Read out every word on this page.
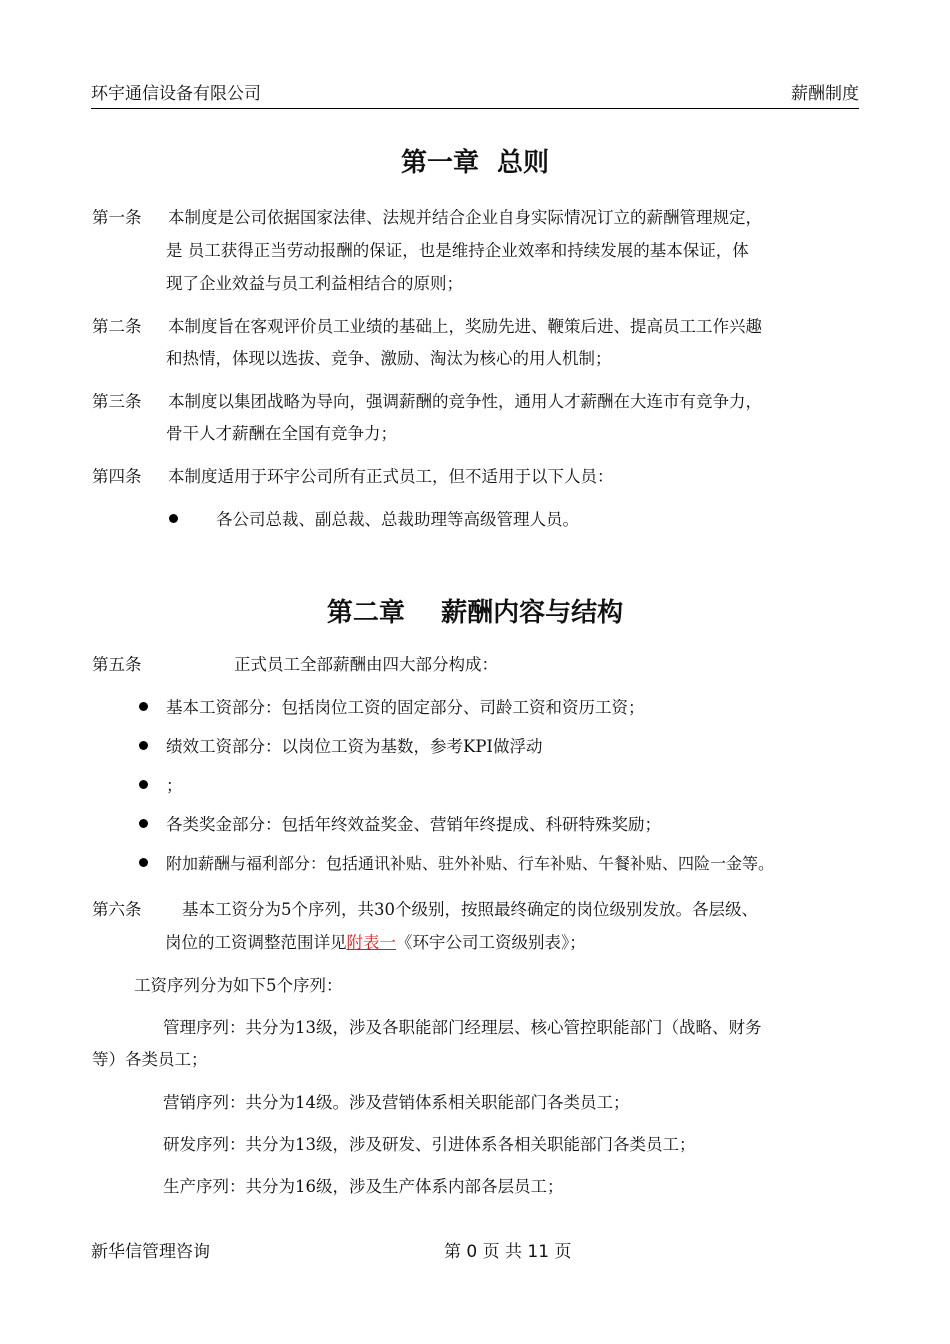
环宇通信设备有限公司	薪酬制度
第一章  总则
第一条 本制度是公司依据国家法律、法规并结合企业自身实际情况订立的薪酬管理规定，
是 员工获得正当劳动报酬的保证，也是维持企业效率和持续发展的基本保证，体
现了企业效益与员工利益相结合的原则；
第二条 本制度旨在客观评价员工业绩的基础上，奖励先进、鞭策后进、提高员工工作兴趣
和热情，体现以选拔、竞争、激励、淘汰为核心的用人机制；
第三条 本制度以集团战略为导向，强调薪酬的竞争性，通用人才薪酬在大连市有竞争力，
骨干人才薪酬在全国有竞争力；
第四条 本制度适用于环宇公司所有正式员工，但不适用于以下人员：
各公司总裁、副总裁、总裁助理等高级管理人员。
第二章    薪酬内容与结构
第五条	正式员工全部薪酬由四大部分构成：
基本工资部分：包括岗位工资的固定部分、司龄工资和资历工资；
绩效工资部分：以岗位工资为基数，参考KPI做浮动
；
各类奖金部分：包括年终效益奖金、营销年终提成、科研特殊奖励；
附加薪酬与福利部分：包括通讯补贴、驻外补贴、行车补贴、午餐补贴、四险一金等。
第六条 基本工资分为5个序列，共30个级别，按照最终确定的岗位级别发放。各层级、
岗位的工资调整范围详见附表一《环宇公司工资级别表》；
工资序列分为如下5个序列：
管理序列：共分为13级，涉及各职能部门经理层、核心管控职能部门（战略、财务
等）各类员工；
营销序列：共分为14级。涉及营销体系相关职能部门各类员工；
研发序列：共分为13级，涉及研发、引进体系各相关职能部门各类员工；
生产序列：共分为16级，涉及生产体系内部各层员工；
新华信管理咨询	第 0 页 共 11 页
